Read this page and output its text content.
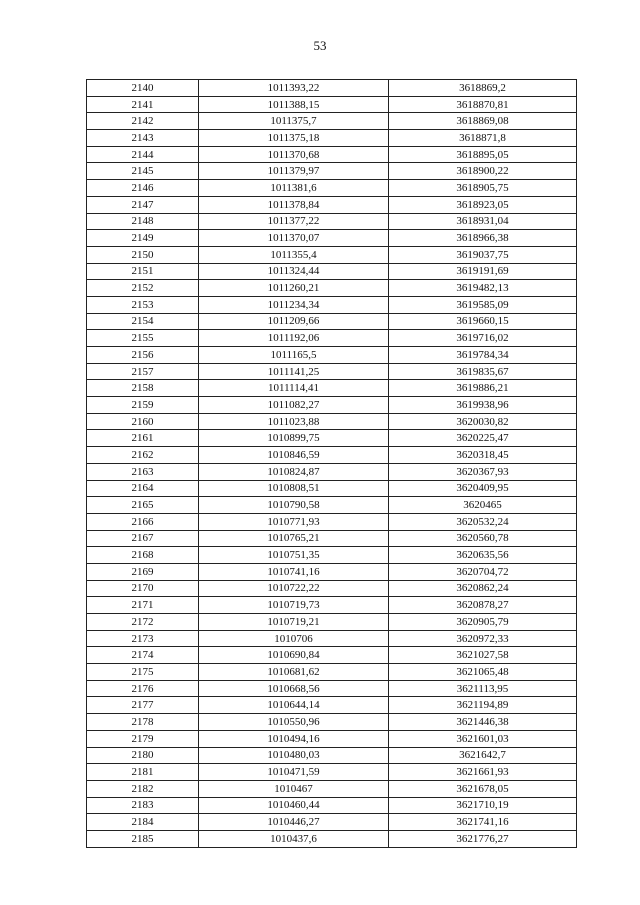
53
2140	1011393,22	3618869,2
2141	1011388,15	3618870,81
2142	1011375,7	3618869,08
2143	1011375,18	3618871,8
2144	1011370,68	3618895,05
2145	1011379,97	3618900,22
2146	1011381,6	3618905,75
2147	1011378,84	3618923,05
2148	1011377,22	3618931,04
2149	1011370,07	3618966,38
2150	1011355,4	3619037,75
2151	1011324,44	3619191,69
2152	1011260,21	3619482,13
2153	1011234,34	3619585,09
2154	1011209,66	3619660,15
2155	1011192,06	3619716,02
2156	1011165,5	3619784,34
2157	1011141,25	3619835,67
2158	1011114,41	3619886,21
2159	1011082,27	3619938,96
2160	1011023,88	3620030,82
2161	1010899,75	3620225,47
2162	1010846,59	3620318,45
2163	1010824,87	3620367,93
2164	1010808,51	3620409,95
2165	1010790,58	3620465
2166	1010771,93	3620532,24
2167	1010765,21	3620560,78
2168	1010751,35	3620635,56
2169	1010741,16	3620704,72
2170	1010722,22	3620862,24
2171	1010719,73	3620878,27
2172	1010719,21	3620905,79
2173	1010706	3620972,33
2174	1010690,84	3621027,58
2175	1010681,62	3621065,48
2176	1010668,56	3621113,95
2177	1010644,14	3621194,89
2178	1010550,96	3621446,38
2179	1010494,16	3621601,03
2180	1010480,03	3621642,7
2181	1010471,59	3621661,93
2182	1010467	3621678,05
2183	1010460,44	3621710,19
2184	1010446,27	3621741,16
2185	1010437,6	3621776,27
